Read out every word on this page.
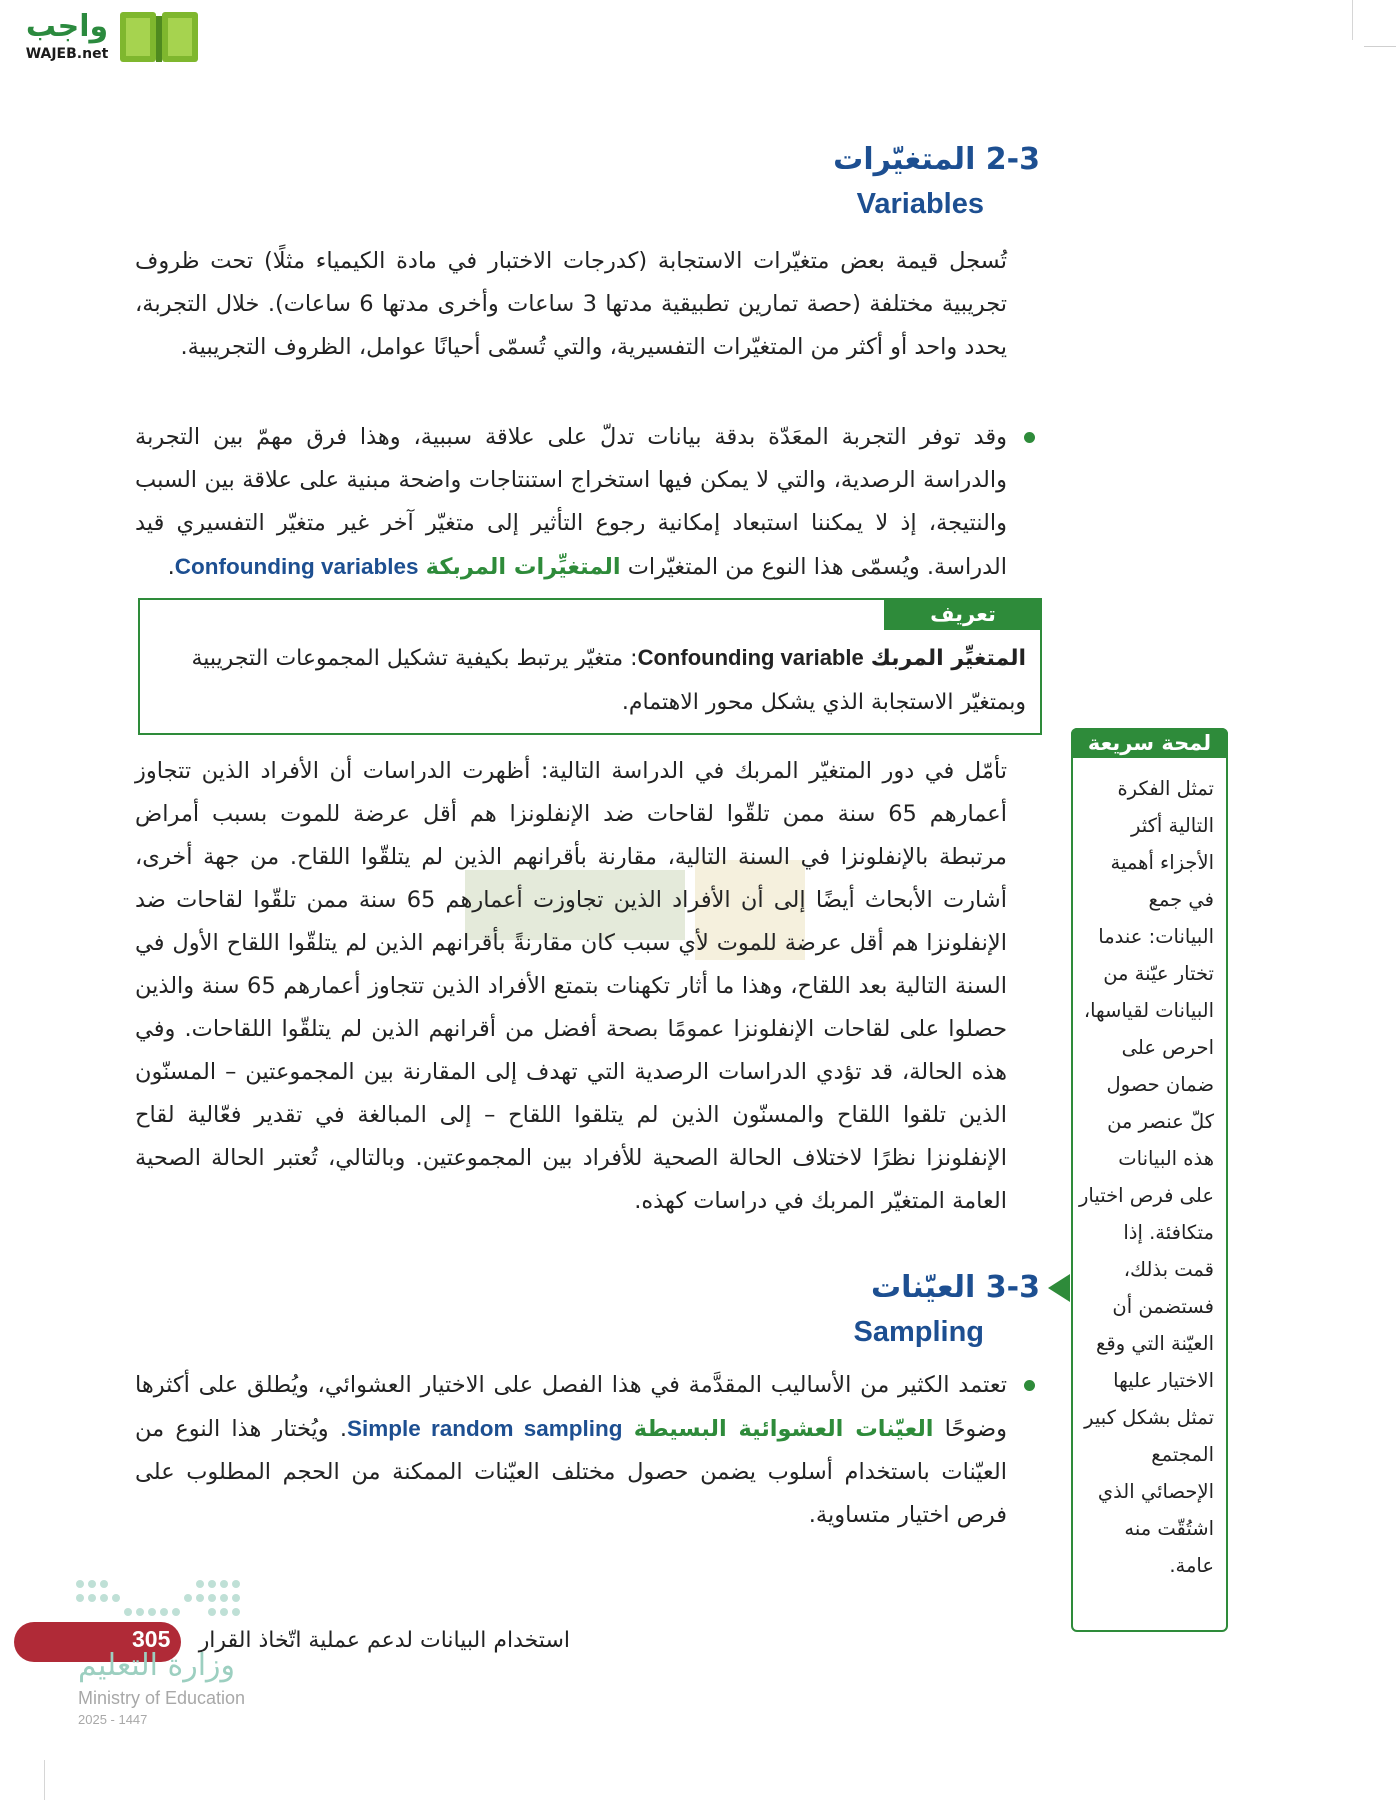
واجب
WAJEB.net
2-3 المتغيّرات
Variables
تُسجل قيمة بعض متغيّرات الاستجابة (كدرجات الاختبار في مادة الكيمياء مثلًا) تحت ظروف تجريبية مختلفة (حصة تمارين تطبيقية مدتها 3 ساعات وأخرى مدتها 6 ساعات). خلال التجربة، يحدد واحد أو أكثر من المتغيّرات التفسيرية، والتي تُسمّى أحيانًا عوامل، الظروف التجريبية.
وقد توفر التجربة المعَدّة بدقة بيانات تدلّ على علاقة سببية، وهذا فرق مهمّ بين التجربة والدراسة الرصدية، والتي لا يمكن فيها استخراج استنتاجات واضحة مبنية على علاقة بين السبب والنتيجة، إذ لا يمكننا استبعاد إمكانية رجوع التأثير إلى متغيّر آخر غير متغيّر التفسيري قيد الدراسة. ويُسمّى هذا النوع من المتغيّرات المتغيِّرات المربكة Confounding variables.
تعريف
المتغيِّر المربك Confounding variable: متغيّر يرتبط بكيفية تشكيل المجموعات التجريبية وبمتغيّر الاستجابة الذي يشكل محور الاهتمام.
تأمّل في دور المتغيّر المربك في الدراسة التالية: أظهرت الدراسات أن الأفراد الذين تتجاوز أعمارهم 65 سنة ممن تلقّوا لقاحات ضد الإنفلونزا هم أقل عرضة للموت بسبب أمراض مرتبطة بالإنفلونزا في السنة التالية، مقارنة بأقرانهم الذين لم يتلقّوا اللقاح. من جهة أخرى، أشارت الأبحاث أيضًا إلى أن الأفراد الذين تجاوزت أعمارهم 65 سنة ممن تلقّوا لقاحات ضد الإنفلونزا هم أقل عرضة للموت لأي سبب كان مقارنةً بأقرانهم الذين لم يتلقّوا اللقاح الأول في السنة التالية بعد اللقاح، وهذا ما أثار تكهنات بتمتع الأفراد الذين تتجاوز أعمارهم 65 سنة والذين حصلوا على لقاحات الإنفلونزا عمومًا بصحة أفضل من أقرانهم الذين لم يتلقّوا اللقاحات. وفي هذه الحالة، قد تؤدي الدراسات الرصدية التي تهدف إلى المقارنة بين المجموعتين – المسنّون الذين تلقوا اللقاح والمسنّون الذين لم يتلقوا اللقاح – إلى المبالغة في تقدير فعّالية لقاح الإنفلونزا نظرًا لاختلاف الحالة الصحية للأفراد بين المجموعتين. وبالتالي، تُعتبر الحالة الصحية العامة المتغيّر المربك في دراسات كهذه.
3-3 العيّنات
Sampling
تعتمد الكثير من الأساليب المقدَّمة في هذا الفصل على الاختيار العشوائي، ويُطلق على أكثرها وضوحًا العيّنات العشوائية البسيطة Simple random sampling. ويُختار هذا النوع من العيّنات باستخدام أسلوب يضمن حصول مختلف العيّنات الممكنة من الحجم المطلوب على فرص اختيار متساوية.
لمحة سريعة
تمثل الفكرة التالية أكثر الأجزاء أهمية في جمع البيانات: عندما تختار عيّنة من البيانات لقياسها، احرص على ضمان حصول كلّ عنصر من هذه البيانات على فرص اختيار متكافئة. إذا قمت بذلك، فستضمن أن العيّنة التي وقع الاختيار عليها تمثل بشكل كبير المجتمع الإحصائي الذي اشتُقّت منه عامة.
305 استخدام البيانات لدعم عملية اتّخاذ القرار
وزارة التعليم
Ministry of Education
2025 - 1447
